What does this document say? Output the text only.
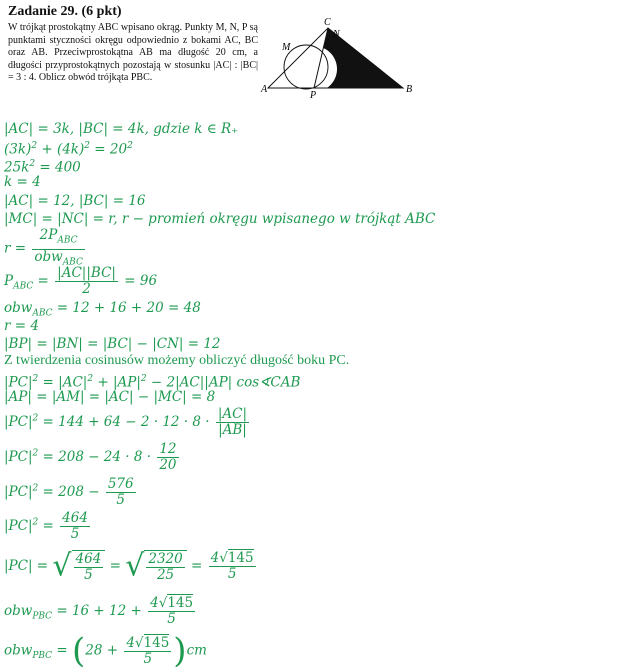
Zadanie 29. (6 pkt)

W trójkąt prostokątny ABC wpisano okrąg. Punkty M, N, P są punktami styczności okręgu odpowiednio z bokami AC, BC oraz AB. Przeciwprostokątna AB ma długość 20 cm, a długości przyprostokątnych pozostają w stosunku |AC| : |BC| = 3 : 4. Oblicz obwód trójkąta PBC.

A	B
C
M
N
P
|AC| = 3k, |BC| = 4k, gdzie k ∈ R₊
$(3k)^2 + (4k)^2 = 20^2$
$25k^2 = 400$
k = 4
|AC| = 12, |BC| = 16
|MC| = |NC| = r, r − promień okręgu wpisanego w trójkąt ABC
$r = \frac{2P_{ABC}}{obw_{ABC}}$
$P_{ABC} = \frac{|AC||BC|}{2} = 96$
obw$_{ABC}$ = 12 + 16 + 20 = 48
r = 4
|BP| = |BN| = |BC| − |CN| = 12
Z twierdzenia cosinusów możemy obliczyć długość boku PC.
$|PC|^2 = |AC|^2 + |AP|^2 - 2|AC||AP|$ cos∢CAB
|AP| = |AM| = |AC| − |MC| = 8
$|PC|^2 = 144 + 64 - 2 \cdot 12 \cdot 8 \cdot \frac{|AC|}{|AB|}$
$|PC|^2 = 208 - 24 \cdot 8 \cdot \frac{12}{20}$
$|PC|^2 = 208 - \frac{576}{5}$
$|PC|^2 = \frac{464}{5}$
|PC| = √ $\frac{464}{5}$ = √ $\frac{2320}{25} = \frac{4√145}{5}$
$obw_{PBC} = 16 + 12 + \frac{4√145}{5}$
$obw_{PBC} = (28 + \frac{4√145}{5} )cm$
